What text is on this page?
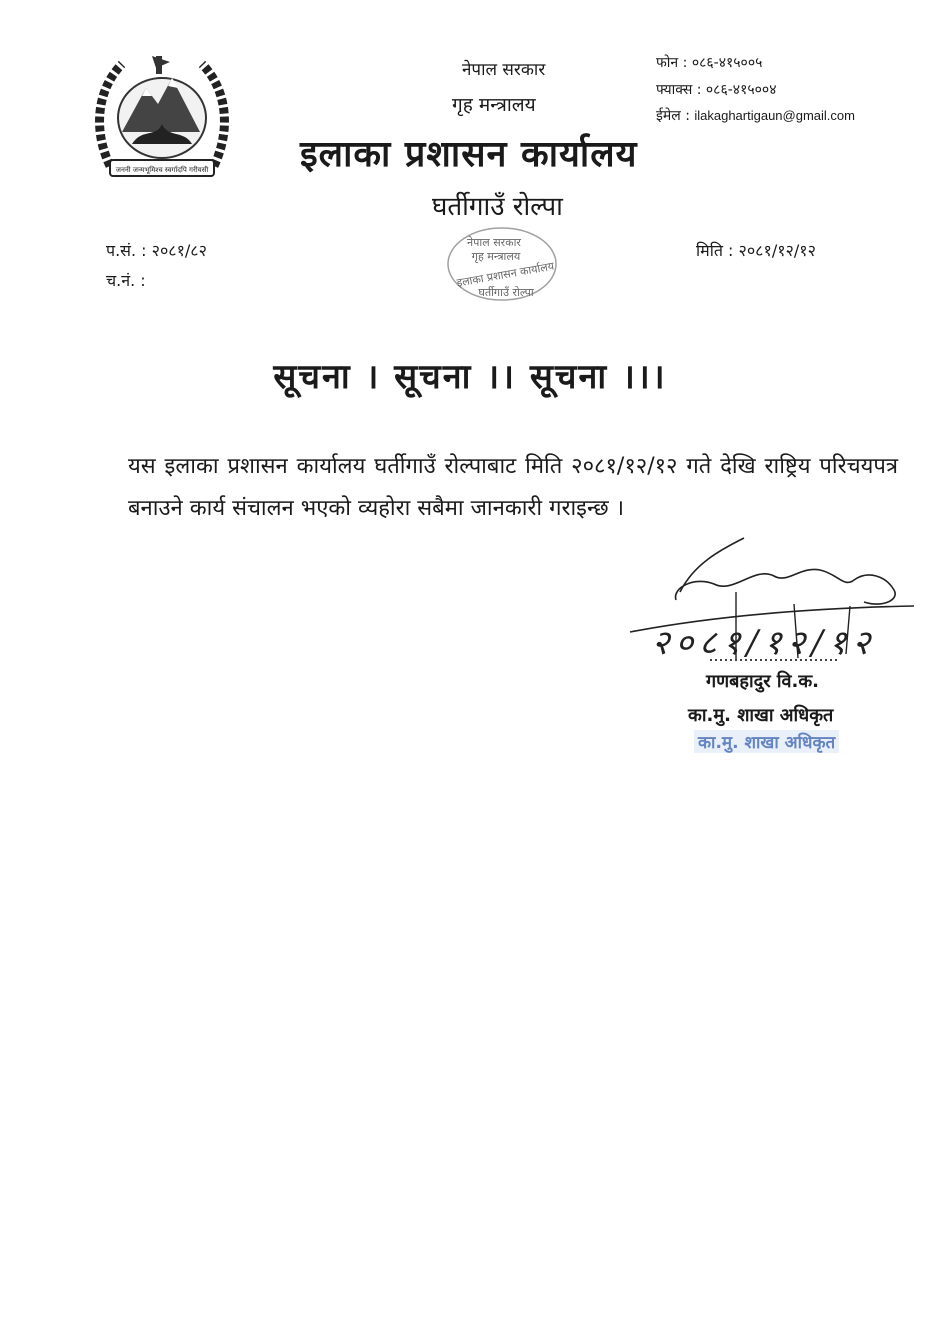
जननी जन्मभूमिश्च स्वर्गादपि गरीयसी
नेपाल सरकार
गृह मन्त्रालय
इलाका प्रशासन कार्यालय
घर्तीगाउँ रोल्पा
फोन : ०८६-४१५००५
फ्याक्स : ०८६-४१५००४
ईमेल : ilakaghartigaun@gmail.com
प.सं. : २०८१/८२
च.नं. :
मिति : २०८१/१२/१२
नेपाल सरकार
गृह मन्त्रालय
इलाका प्रशासन कार्यालय
घर्तीगाउँ रोल्पा
सूचना । सूचना ।। सूचना ।।।
यस इलाका प्रशासन कार्यालय घर्तीगाउँ रोल्पाबाट मिति २०८१/१२/१२ गते देखि राष्ट्रिय परिचयपत्र बनाउने कार्य संचालन भएको व्यहोरा सबैमा जानकारी गराइन्छ ।
२०८१/१२/१२
गणबहादुर वि.क.
का.मु. शाखा अधिकृत
का.मु. शाखा अधिकृत
